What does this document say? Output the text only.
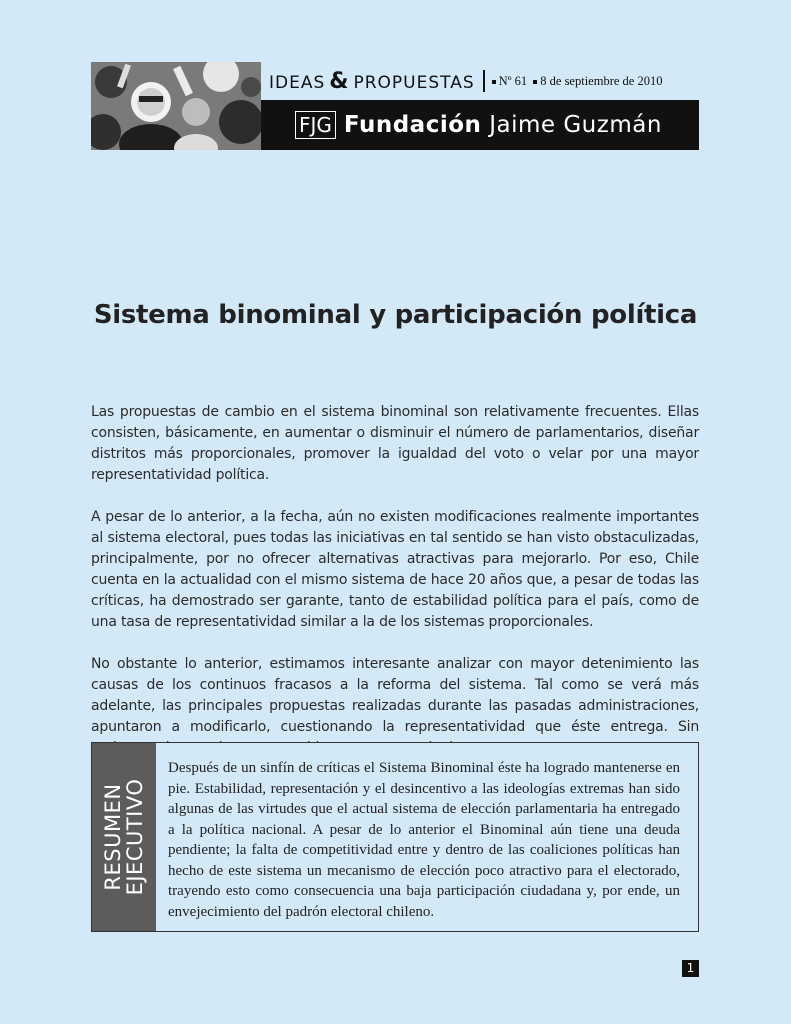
IDEAS & PROPUESTAS	Nº 61 8 de septiembre de 2010
FJG Fundación Jaime Guzmán
Sistema binominal y participación política

Las propuestas de cambio en el sistema binominal son relativamente frecuentes. Ellas consisten, básicamente, en aumentar o disminuir el número de parlamentarios, diseñar distritos más proporcionales, promover la igualdad del voto o velar por una mayor representatividad política.

A pesar de lo anterior, a la fecha, aún no existen modificaciones realmente importantes al sistema electoral, pues todas las iniciativas en tal sentido se han visto obstaculizadas, principalmente, por no ofrecer alternativas atractivas para mejorarlo. Por eso, Chile cuenta en la actualidad con el mismo sistema de hace 20 años que, a pesar de todas las críticas, ha demostrado ser garante, tanto de estabilidad política para el país, como de una tasa de representatividad similar a la de los sistemas proporcionales.

No obstante lo anterior, estimamos interesante analizar con mayor detenimiento las causas de los continuos fracasos a la reforma del sistema. Tal como se verá más adelante, las principales propuestas realizadas durante las pasadas administraciones, apuntaron a modificarlo, cuestionando la representatividad que éste entrega. Sin

RESUMEN
EJECUTIVO
Después de un sinfín de críticas el Sistema Binominal éste ha logrado mantenerse en pie. Estabilidad, representación y el desincentivo a las ideologías extremas han sido algunas de las virtudes que el actual sistema de elección parlamentaria ha entregado a la política nacional. A pesar de lo anterior el Binominal aún tiene una deuda pendiente; la falta de competitividad entre y dentro de las coaliciones políticas han hecho de este sistema un mecanismo de elección poco atractivo para el electorado, trayendo esto como consecuencia una baja participación ciudadana y, por ende, un envejecimiento del padrón electoral chileno.
1
